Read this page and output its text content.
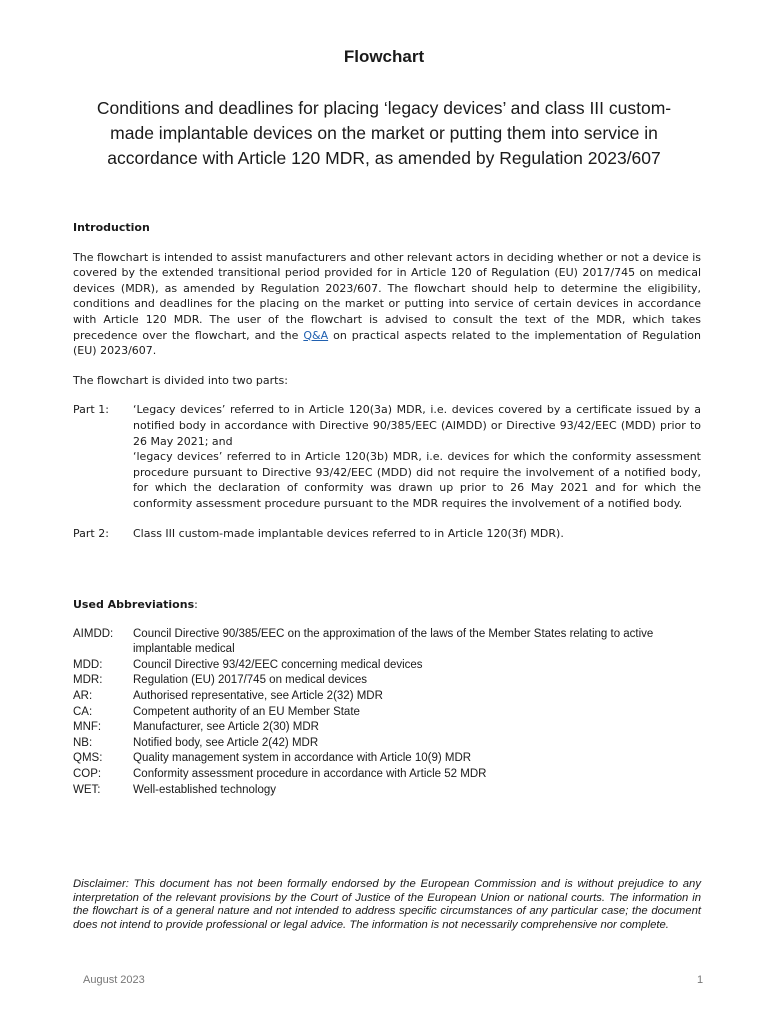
Flowchart
Conditions and deadlines for placing ‘legacy devices’ and class III custom-made implantable devices on the market or putting them into service in accordance with Article 120 MDR, as amended by Regulation 2023/607

Introduction

The flowchart is intended to assist manufacturers and other relevant actors in deciding whether or not a device is covered by the extended transitional period provided for in Article 120 of Regulation (EU) 2017/745 on medical devices (MDR), as amended by Regulation 2023/607. The flowchart should help to determine the eligibility, conditions and deadlines for the placing on the market or putting into service of certain devices in accordance with Article 120 MDR. The user of the flowchart is advised to consult the text of the MDR, which takes precedence over the flowchart, and the Q&A on practical aspects related to the implementation of Regulation (EU) 2023/607.

The flowchart is divided into two parts:

Part 1:	‘Legacy devices’ referred to in Article 120(3a) MDR, i.e. devices covered by a certificate issued by a notified body in accordance with Directive 90/385/EEC (AIMDD) or Directive 93/42/EEC (MDD) prior to 26 May 2021; and
‘legacy devices’ referred to in Article 120(3b) MDR, i.e. devices for which the conformity assessment procedure pursuant to Directive 93/42/EEC (MDD) did not require the involvement of a notified body, for which the declaration of conformity was drawn up prior to 26 May 2021 and for which the conformity assessment procedure pursuant to the MDR requires the involvement of a notified body.
Part 2:	Class III custom-made implantable devices referred to in Article 120(3f) MDR).

Used Abbreviations:

AIMDD:	Council Directive 90/385/EEC on the approximation of the laws of the Member States relating to active implantable medical
MDD:	Council Directive 93/42/EEC concerning medical devices
MDR:	Regulation (EU) 2017/745 on medical devices
AR:	Authorised representative, see Article 2(32) MDR
CA:	Competent authority of an EU Member State
MNF:	Manufacturer, see Article 2(30) MDR
NB:	Notified body, see Article 2(42) MDR
QMS:	Quality management system in accordance with Article 10(9) MDR
COP:	Conformity assessment procedure in accordance with Article 52 MDR
WET:	Well-established technology

Disclaimer: This document has not been formally endorsed by the European Commission and is without prejudice to any interpretation of the relevant provisions by the Court of Justice of the European Union or national courts. The information in the flowchart is of a general nature and not intended to address specific circumstances of any particular case; the document does not intend to provide professional or legal advice. The information is not necessarily comprehensive nor complete.

August 2023	1
